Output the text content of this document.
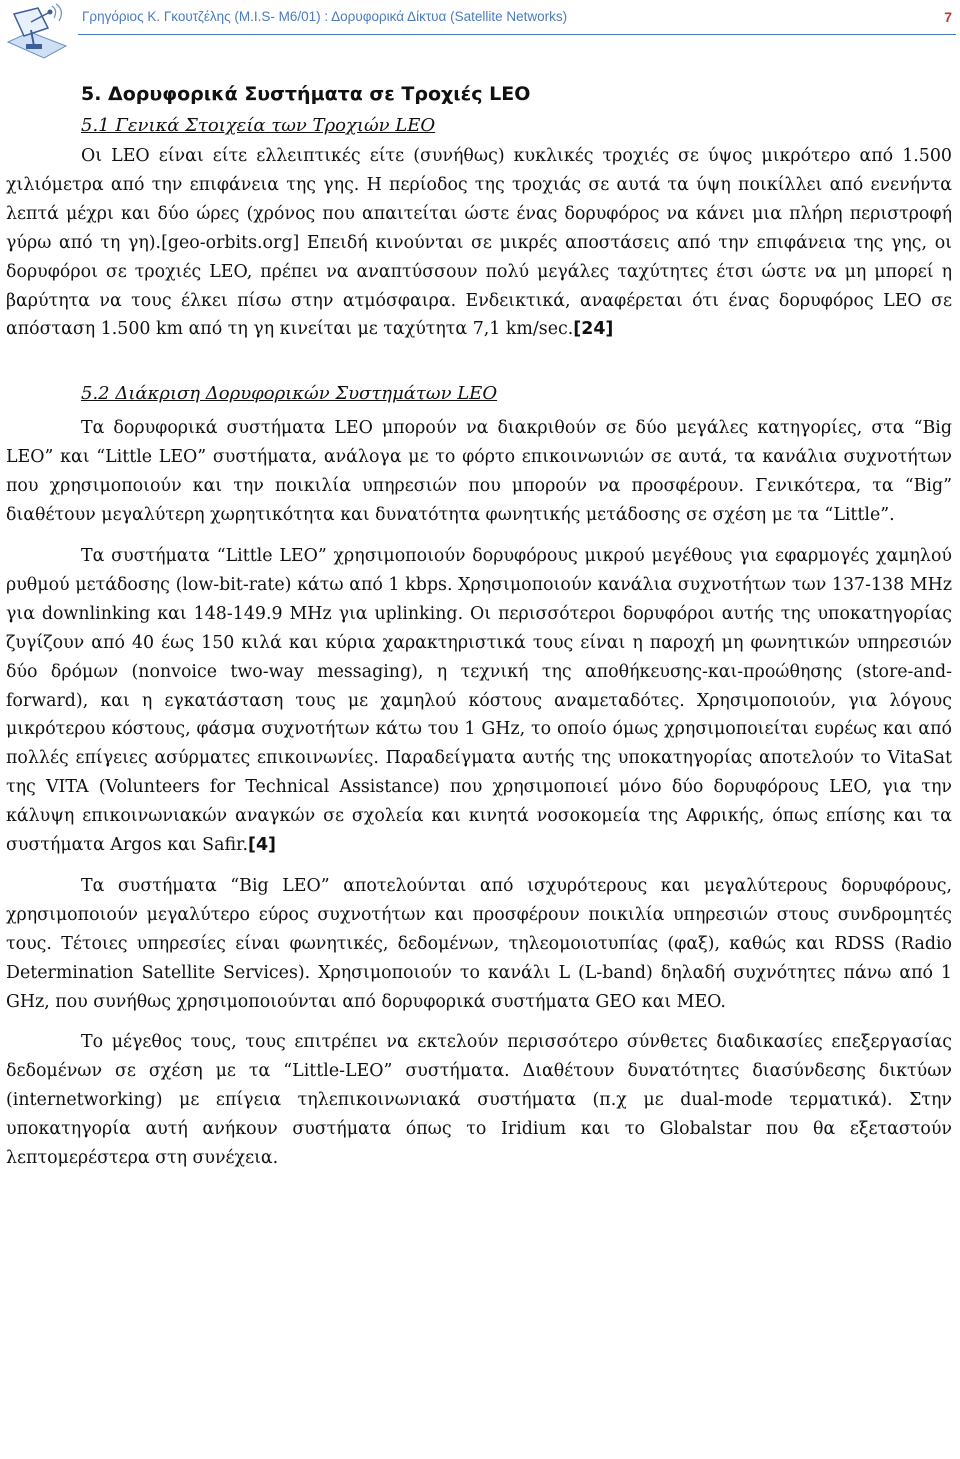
Γρηγόριος Κ. Γκουτζέλης (Μ.Ι.S- Μ6/01) : Δορυφορικά Δίκτυα (Satellite Networks)	7
5. Δορυφορικά Συστήματα σε Τροχιές LEO
5.1 Γενικά Στοιχεία των Τροχιών LEO

Οι LEO είναι είτε ελλειπτικές είτε (συνήθως) κυκλικές τροχιές σε ύψος μικρότερο από 1.500 χιλιόμετρα από την επιφάνεια της γης. Η περίοδος της τροχιάς σε αυτά τα ύψη ποικίλλει από ενενήντα λεπτά μέχρι και δύο ώρες (χρόνος που απαιτείται ώστε ένας δορυφόρος να κάνει μια πλήρη περιστροφή γύρω από τη γη).[geo-orbits.org] Επειδή κινούνται σε μικρές αποστάσεις από την επιφάνεια της γης, οι δορυφόροι σε τροχιές LEO, πρέπει να αναπτύσσουν πολύ μεγάλες ταχύτητες έτσι ώστε να μη μπορεί η βαρύτητα να τους έλκει πίσω στην ατμόσφαιρα. Ενδεικτικά, αναφέρεται ότι ένας δορυφόρος LEO σε απόσταση 1.500 km από τη γη κινείται με ταχύτητα 7,1 km/sec.[24]

5.2 Διάκριση Δορυφορικών Συστημάτων LEO

Τα δορυφορικά συστήματα LEO μπορούν να διακριθούν σε δύο μεγάλες κατηγορίες, στα “Big LEO” και “Little LEO” συστήματα, ανάλογα με το φόρτο επικοινωνιών σε αυτά, τα κανάλια συχνοτήτων που χρησιμοποιούν και την ποικιλία υπηρεσιών που μπορούν να προσφέρουν. Γενικότερα, τα “Big” διαθέτουν μεγαλύτερη χωρητικότητα και δυνατότητα φωνητικής μετάδοσης σε σχέση με τα “Little”.

Τα συστήματα “Little LEO” χρησιμοποιούν δορυφόρους μικρού μεγέθους για εφαρμογές χαμηλού ρυθμού μετάδοσης (low-bit-rate) κάτω από 1 kbps. Χρησιμοποιούν κανάλια συχνοτήτων των 137-138 MHz για downlinking και 148-149.9 MHz για uplinking. Οι περισσότεροι δορυφόροι αυτής της υποκατηγορίας ζυγίζουν από 40 έως 150 κιλά και κύρια χαρακτηριστικά τους είναι η παροχή μη φωνητικών υπηρεσιών δύο δρόμων (nonvoice two-way messaging), η τεχνική της αποθήκευσης-και-προώθησης (store-and-forward), και η εγκατάσταση τους με χαμηλού κόστους αναμεταδότες. Χρησιμοποιούν, για λόγους μικρότερου κόστους, φάσμα συχνοτήτων κάτω του 1 GHz, το οποίο όμως χρησιμοποιείται ευρέως και από πολλές επίγειες ασύρματες επικοινωνίες. Παραδείγματα αυτής της υποκατηγορίας αποτελούν το VitaSat της VITA (Volunteers for Technical Assistance) που χρησιμοποιεί μόνο δύο δορυφόρους LEO, για την κάλυψη επικοινωνιακών αναγκών σε σχολεία και κινητά νοσοκομεία της Αφρικής, όπως επίσης και τα συστήματα Argos και Safir.[4]

Τα συστήματα “Big LEO” αποτελούνται από ισχυρότερους και μεγαλύτερους δορυφόρους, χρησιμοποιούν μεγαλύτερο εύρος συχνοτήτων και προσφέρουν ποικιλία υπηρεσιών στους συνδρομητές τους. Τέτοιες υπηρεσίες είναι φωνητικές, δεδομένων, τηλεομοιοτυπίας (φαξ), καθώς και RDSS (Radio Determination Satellite Services). Χρησιμοποιούν το κανάλι L (L-band) δηλαδή συχνότητες πάνω από 1 GHz, που συνήθως χρησιμοποιούνται από δορυφορικά συστήματα GEO και MEO.

Το μέγεθος τους, τους επιτρέπει να εκτελούν περισσότερο σύνθετες διαδικασίες επεξεργασίας δεδομένων σε σχέση με τα “Little-LEO” συστήματα. Διαθέτουν δυνατότητες διασύνδεσης δικτύων (internetworking) με επίγεια τηλεπικοινωνιακά συστήματα (π.χ με dual-mode τερματικά). Στην υποκατηγορία αυτή ανήκουν συστήματα όπως το Iridium και το Globalstar που θα εξεταστούν λεπτομερέστερα στη συνέχεια.
